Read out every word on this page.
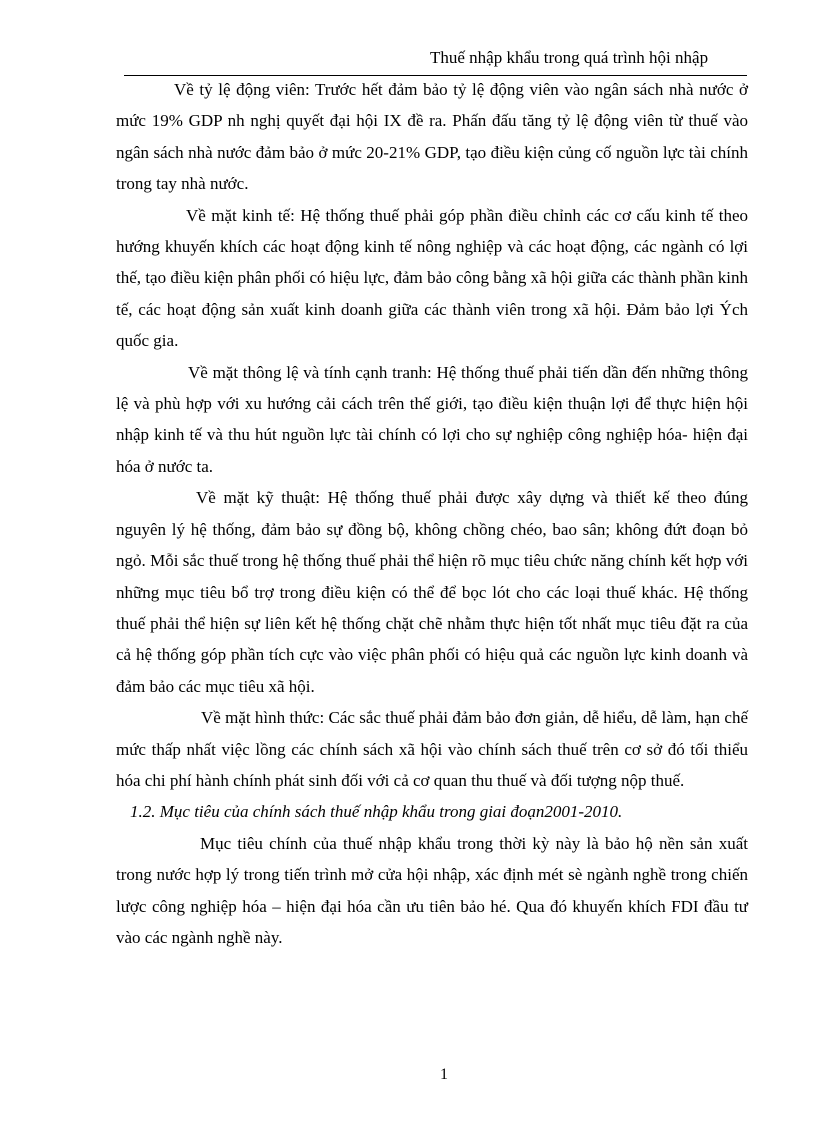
Thuế nhập khẩu trong quá trình hội nhập

Về tỷ lệ động viên: Trước hết đảm bảo tỷ lệ động viên vào ngân sách nhà nước ở mức 19% GDP nh nghị quyết đại hội IX đề ra. Phấn đấu tăng tỷ lệ động viên từ thuế vào ngân sách nhà nước đảm bảo ở mức 20-21% GDP, tạo điều kiện củng cố nguồn lực tài chính trong tay nhà nước.

Về mặt kinh tế: Hệ thống thuế phải góp phần điều chỉnh các cơ cấu kinh tế theo hướng khuyến khích các hoạt động kinh tế nông nghiệp và các hoạt động, các ngành có lợi thế, tạo điều kiện phân phối có hiệu lực, đảm bảo công bằng xã hội giữa các thành phần kinh tế, các hoạt động sản xuất kinh doanh giữa các thành viên trong xã hội. Đảm bảo lợi Ých quốc gia.

Về mặt thông lệ và tính cạnh tranh: Hệ thống thuế phải tiến dần đến những thông lệ và phù hợp với xu hướng cải cách trên thế giới, tạo điều kiện thuận lợi để thực hiện hội nhập kinh tế và thu hút nguồn lực tài chính có lợi cho sự nghiệp công nghiệp hóa- hiện đại hóa ở nước ta.

Về mặt kỹ thuật: Hệ thống thuế phải được xây dựng và thiết kế theo đúng nguyên lý hệ thống, đảm bảo sự đồng bộ, không chồng chéo, bao sân; không đứt đoạn bỏ ngỏ. Mỗi sắc thuế trong hệ thống thuế phải thể hiện rõ mục tiêu chức năng chính kết hợp với những mục tiêu bổ trợ trong điều kiện có thể để bọc lót cho các loại thuế khác. Hệ thống thuế phải thể hiện sự liên kết hệ thống chặt chẽ nhằm thực hiện tốt nhất mục tiêu đặt ra của cả hệ thống góp phần tích cực vào việc phân phối có hiệu quả các nguồn lực kinh doanh và đảm bảo các mục tiêu xã hội.

Về mặt hình thức: Các sắc thuế phải đảm bảo đơn giản, dễ hiểu, dễ làm, hạn chế mức thấp nhất việc lồng các chính sách xã hội vào chính sách thuế trên cơ sở đó tối thiểu hóa chi phí hành chính phát sinh đối với cả cơ quan thu thuế và đối tượng nộp thuế.

1.2. Mục tiêu của chính sách thuế nhập khẩu trong giai đoạn2001-2010.

Mục tiêu chính của thuế nhập khẩu trong thời kỳ này là bảo hộ nền sản xuất trong nước hợp lý trong tiến trình mở cửa hội nhập, xác định mét sè ngành nghề trong chiến lược công nghiệp hóa – hiện đại hóa cần ưu tiên bảo hé. Qua đó khuyến khích FDI đầu tư vào các ngành nghề này.

1
